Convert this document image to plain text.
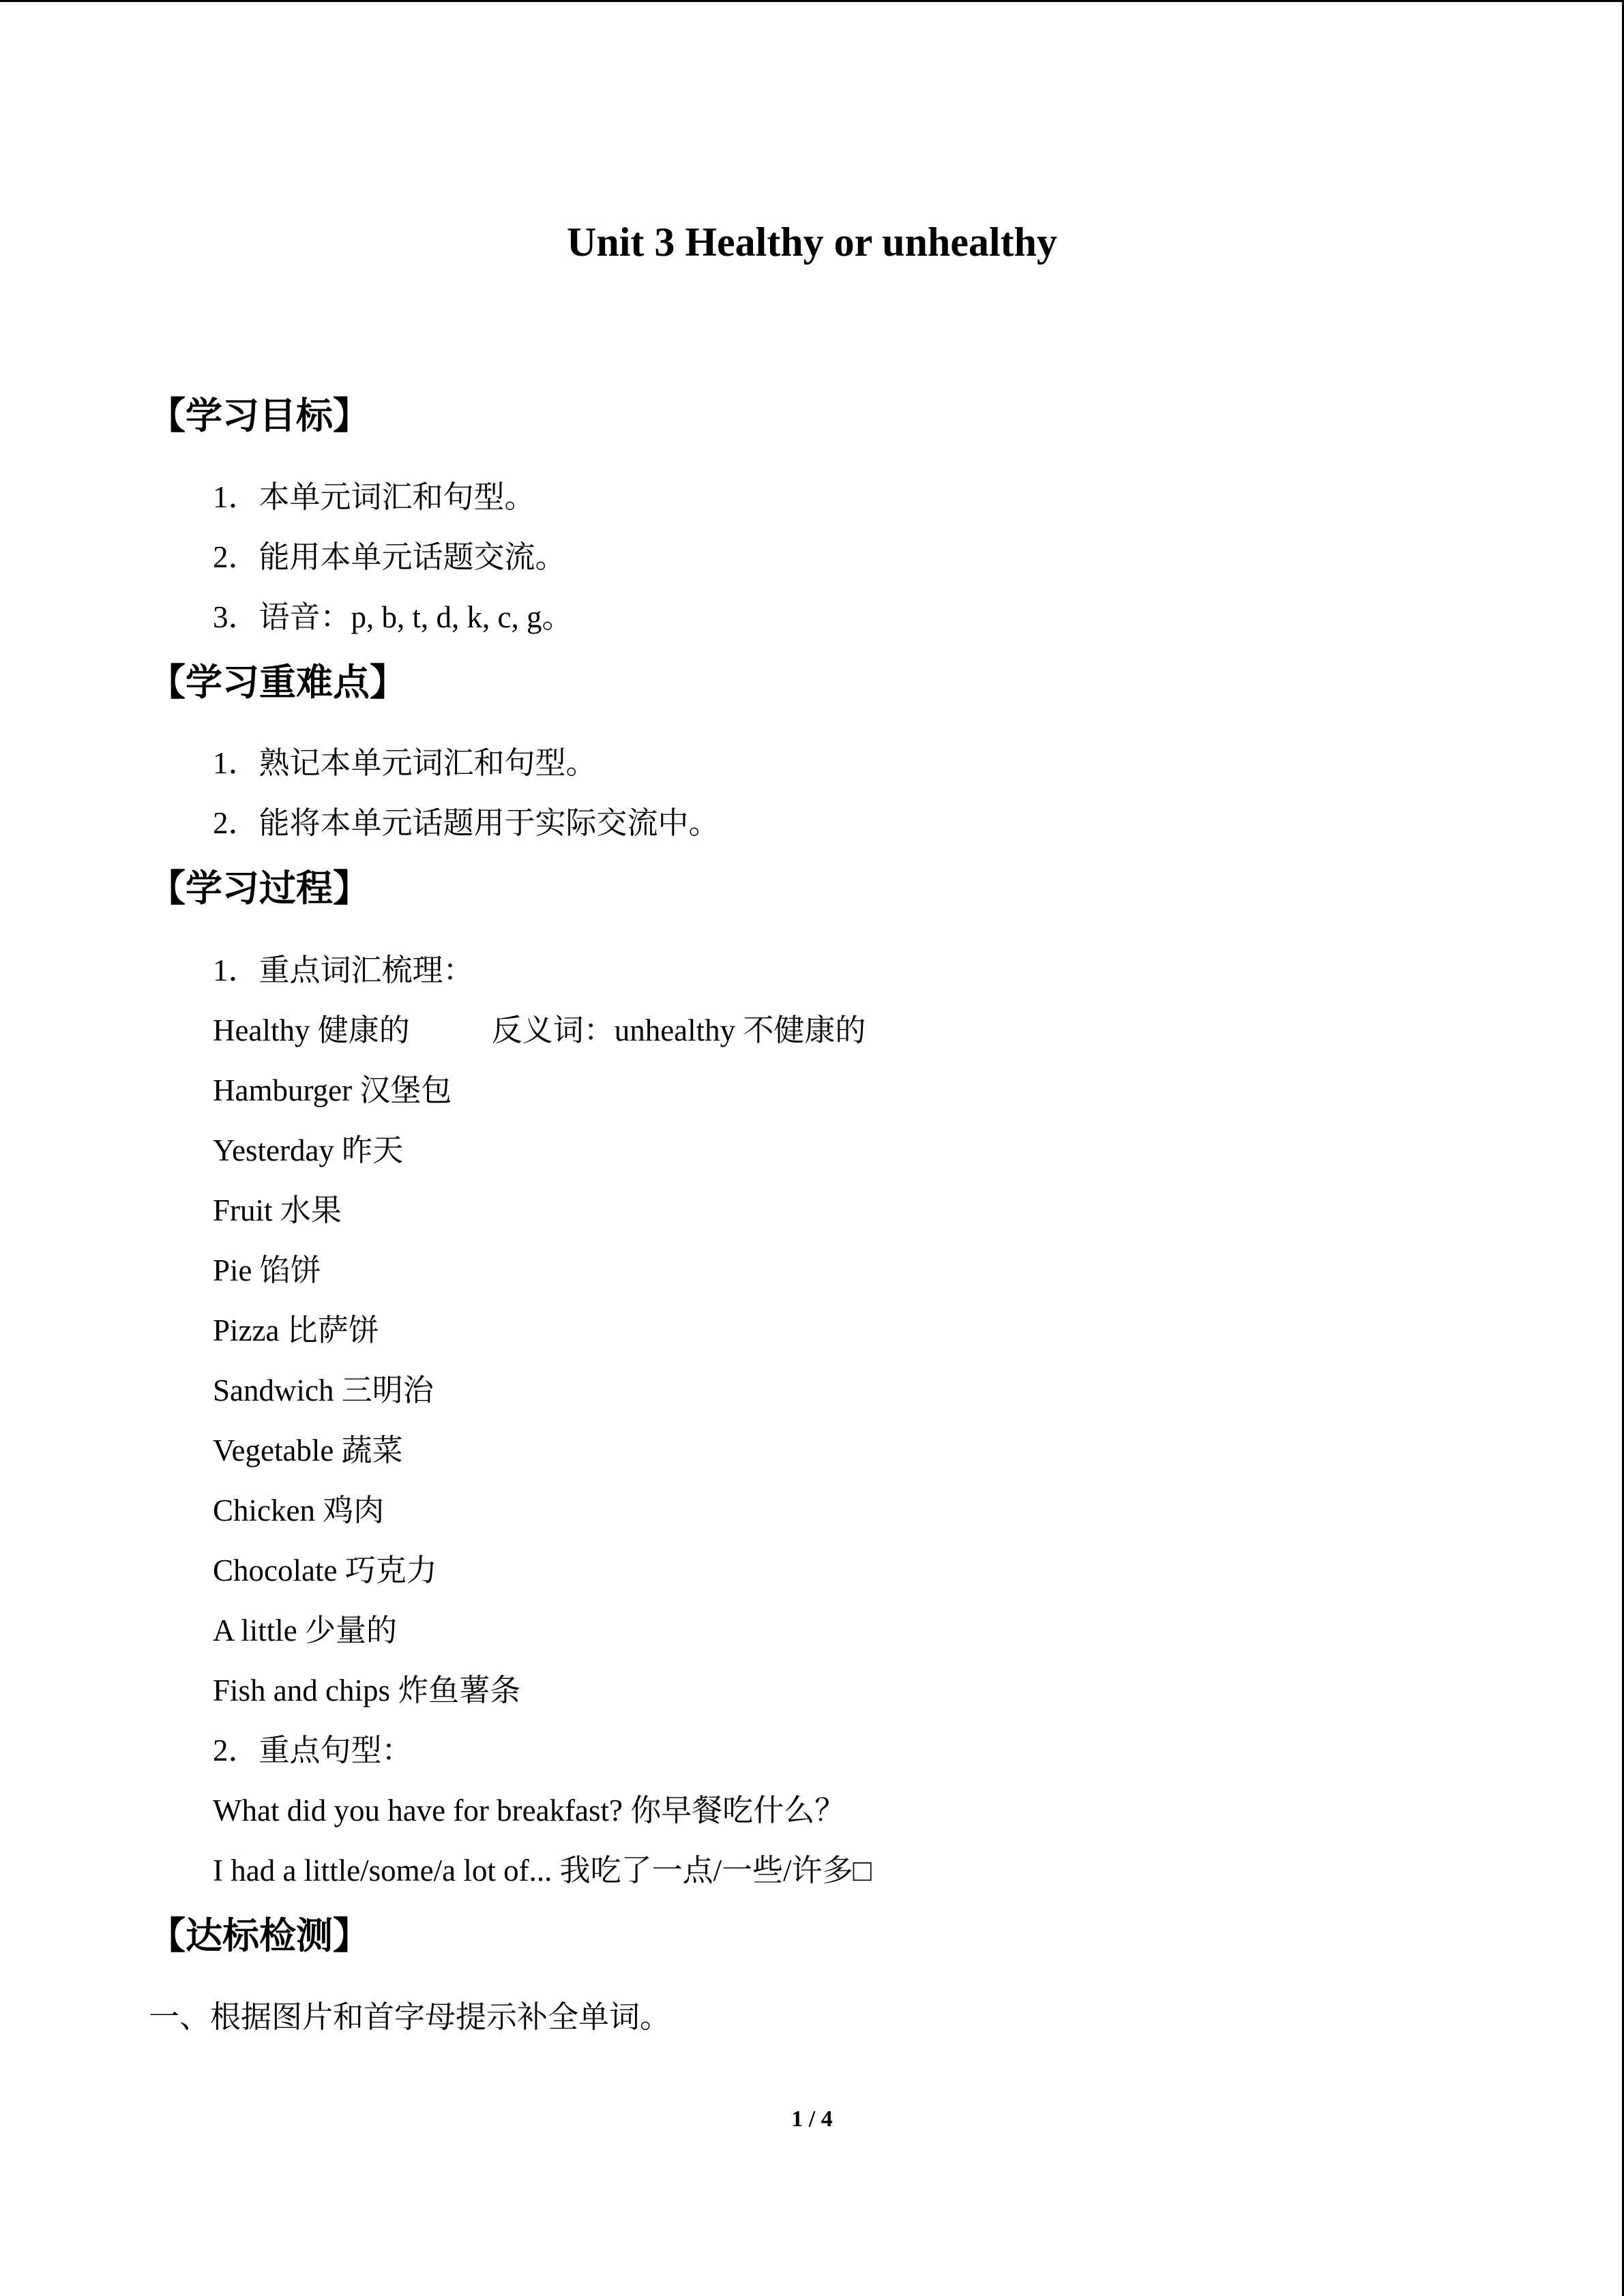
Unit 3 Healthy or unhealthy
【学习目标】
1．本单元词汇和句型。
2．能用本单元话题交流。
3．语音：p, b, t, d, k, c, g。
【学习重难点】
1．熟记本单元词汇和句型。
2．能将本单元话题用于实际交流中。
【学习过程】
1．重点词汇梳理：
Healthy 健康的	反义词：unhealthy 不健康的
Hamburger 汉堡包
Yesterday 昨天
Fruit 水果
Pie 馅饼
Pizza 比萨饼
Sandwich 三明治
Vegetable 蔬菜
Chicken 鸡肉
Chocolate 巧克力
A little 少量的
Fish and chips 炸鱼薯条
2．重点句型：
What did you have for breakfast? 你早餐吃什么？
I had a little/some/a lot of... 我吃了一点/一些/许多□
【达标检测】
一、根据图片和首字母提示补全单词。
1 / 4
